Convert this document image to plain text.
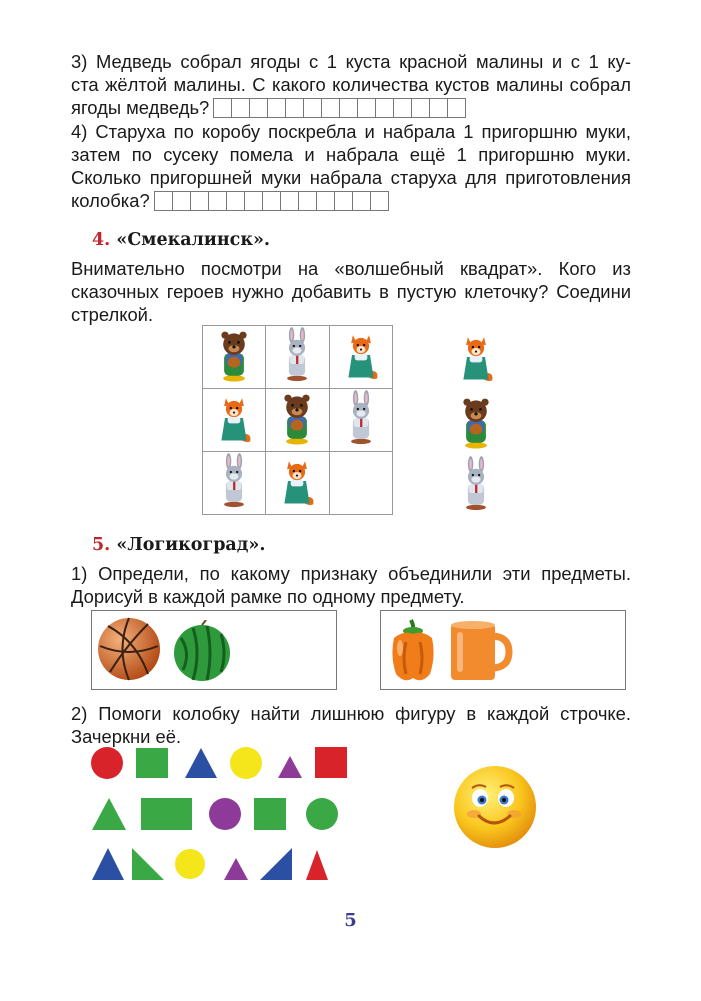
3) Медведь собрал ягоды с 1 куста красной малины и с 1 ку-

ста жёлтой малины. С какого количества кустов малины собрал

ягоды медведь?

4) Старуха по коробу поскребла и набрала 1 пригоршню муки,

затем по сусеку помела и набрала ещё 1 пригоршню муки.

Сколько пригоршней муки набрала старуха для приготовления

колобка?

4. «Смекалинск».

Внимательно посмотри на «волшебный квадрат». Кого из

сказочных героев нужно добавить в пустую клеточку? Соедини

стрелкой.

5. «Логикоград».

1) Определи, по какому признаку объединили эти предметы.

Дорисуй в каждой рамке по одному предмету.

2) Помоги колобку найти лишнюю фигуру в каждой строчке.

Зачеркни её.

5
